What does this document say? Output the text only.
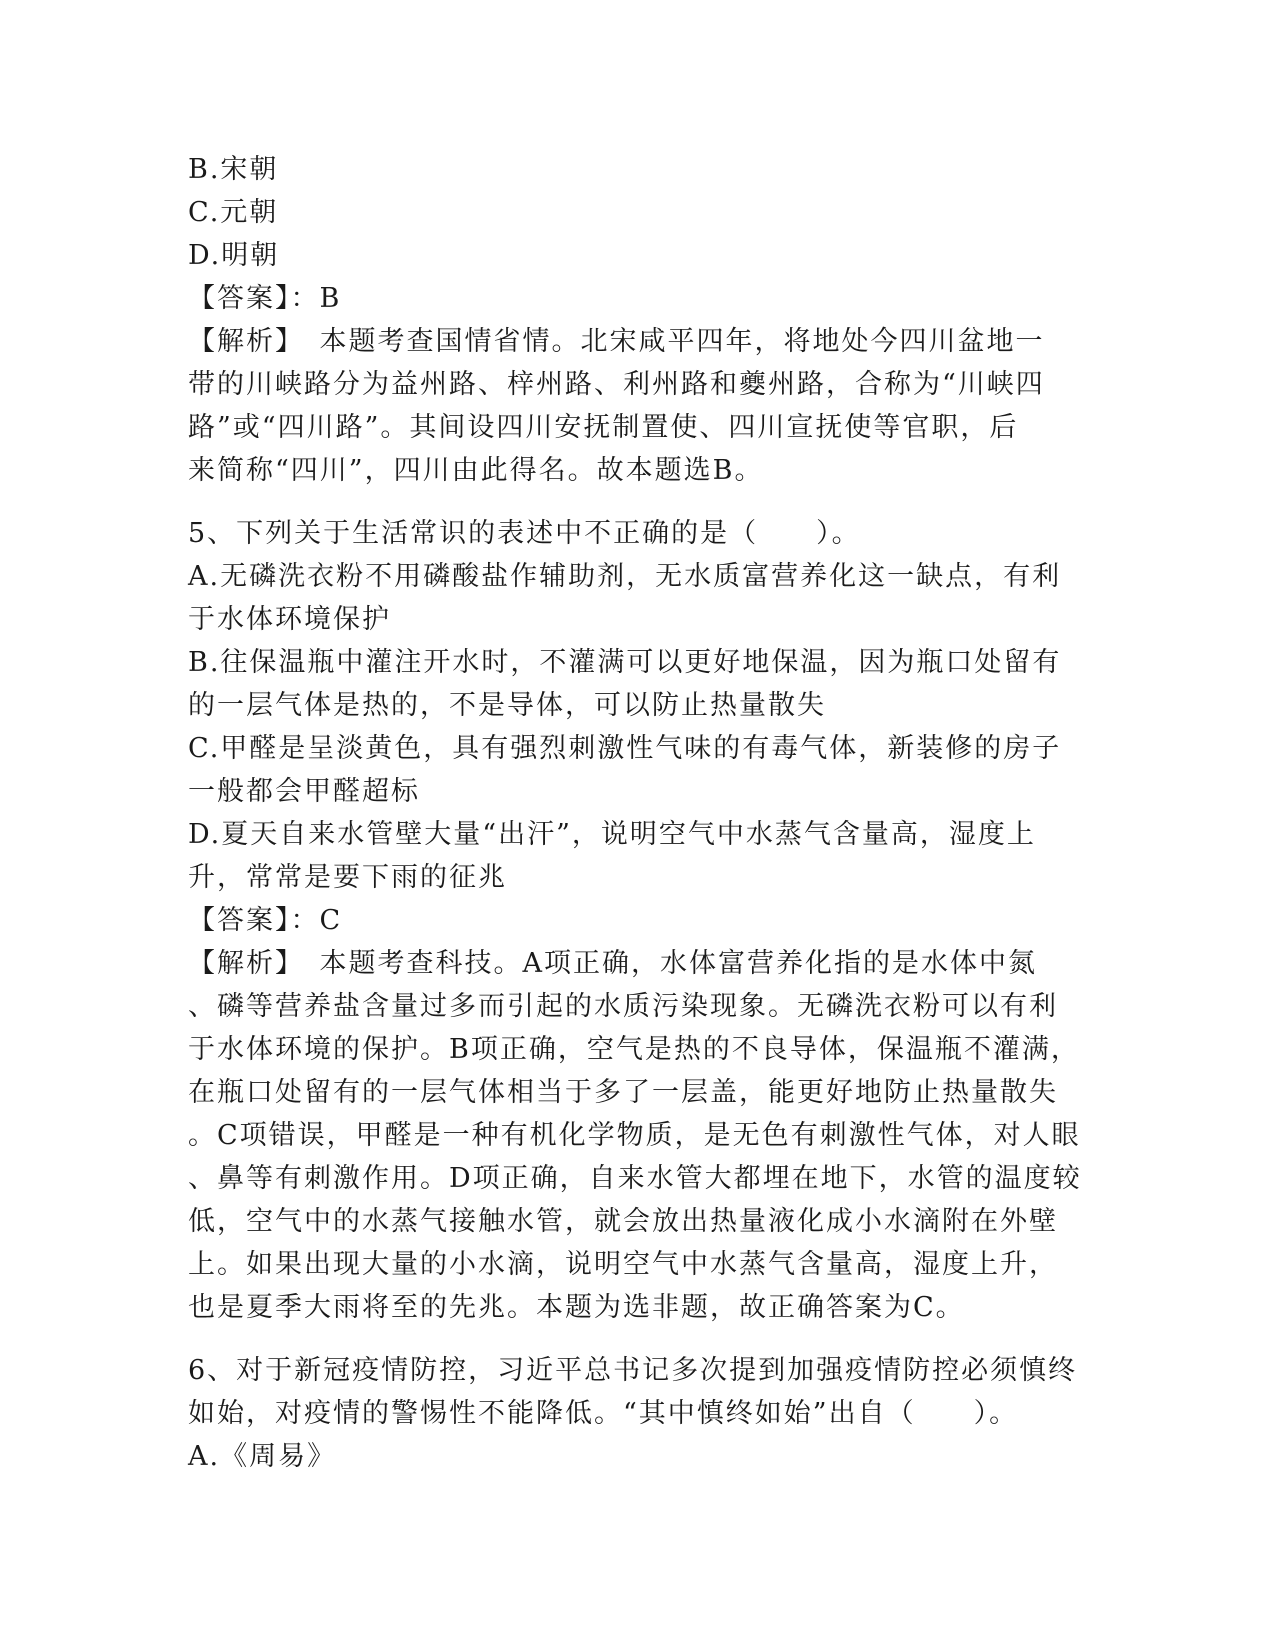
B.宋朝
C.元朝
D.明朝
【答案】：B
【解析】　本题考查国情省情。北宋咸平四年，将地处今四川盆地一
带的川峡路分为益州路、梓州路、利州路和夔州路，合称为“川峡四
路”或“四川路”。其间设四川安抚制置使、四川宣抚使等官职，后
来简称“四川”，四川由此得名。故本题选B。
5、下列关于生活常识的表述中不正确的是（　　）。
A.无磷洗衣粉不用磷酸盐作辅助剂，无水质富营养化这一缺点，有利
于水体环境保护
B.往保温瓶中灌注开水时，不灌满可以更好地保温，因为瓶口处留有
的一层气体是热的，不是导体，可以防止热量散失
C.甲醛是呈淡黄色，具有强烈刺激性气味的有毒气体，新装修的房子
一般都会甲醛超标
D.夏天自来水管壁大量“出汗”，说明空气中水蒸气含量高，湿度上
升，常常是要下雨的征兆
【答案】：C
【解析】　本题考查科技。A项正确，水体富营养化指的是水体中氮
、磷等营养盐含量过多而引起的水质污染现象。无磷洗衣粉可以有利
于水体环境的保护。B项正确，空气是热的不良导体，保温瓶不灌满，
在瓶口处留有的一层气体相当于多了一层盖，能更好地防止热量散失
。C项错误，甲醛是一种有机化学物质，是无色有刺激性气体，对人眼
、鼻等有刺激作用。D项正确，自来水管大都埋在地下，水管的温度较
低，空气中的水蒸气接触水管，就会放出热量液化成小水滴附在外壁
上。如果出现大量的小水滴，说明空气中水蒸气含量高，湿度上升，
也是夏季大雨将至的先兆。本题为选非题，故正确答案为C。
6、对于新冠疫情防控，习近平总书记多次提到加强疫情防控必须慎终
如始，对疫情的警惕性不能降低。“其中慎终如始”出自（　　）。
A.《周易》
